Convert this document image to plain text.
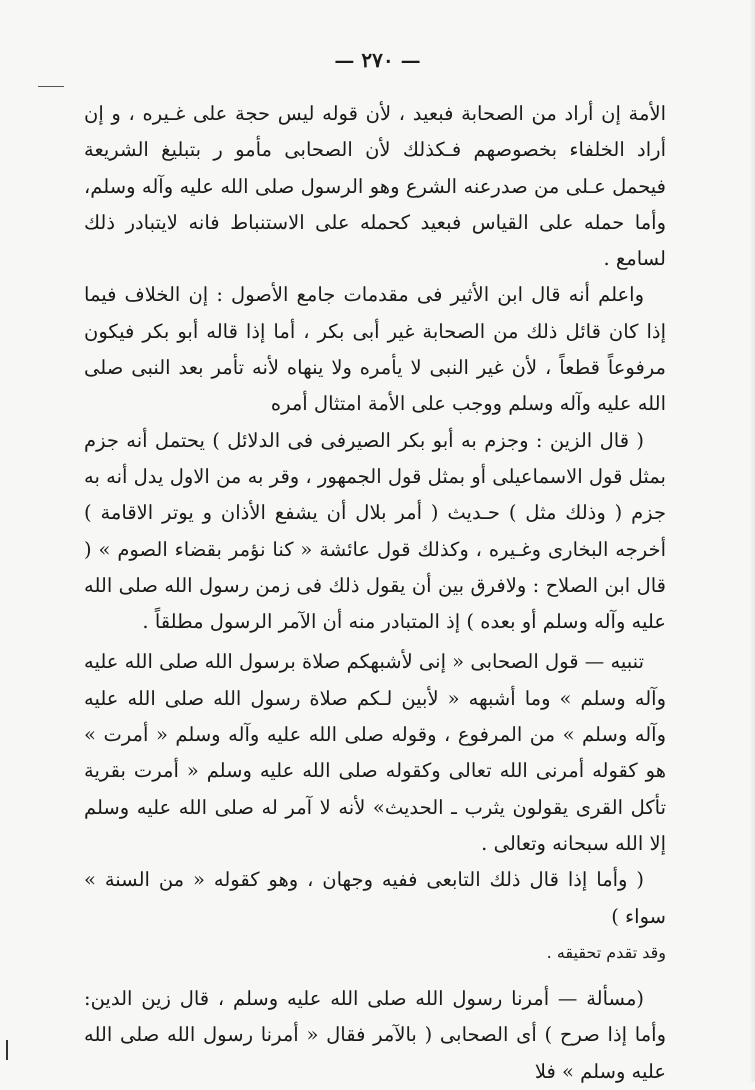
— ٢٧٠ —

الأمة إن أراد من الصحابة فبعيد ، لأن قوله ليس حجة على غـيره ، و إن أراد الخلفاء بخصوصهم فـكذلك لأن الصحابى مأمو ر بتبليغ الشريعة فيحمل عـلى من صدرعنه الشرع وهو الرسول صلى الله عليه وآله وسلم، وأما حمله على القياس فبعيد كحمله على الاستنباط فانه لايتبادر ذلك لسامع .

واعلم أنه قال ابن الأثير فى مقدمات جامع الأصول : إن الخلاف فيما إذا كان قائل ذلك من الصحابة غير أبى بكر ، أما إذا قاله أبو بكر فيكون مرفوعاً قطعاً ، لأن غير النبى لا يأمره ولا ينهاه لأنه تأمر بعد النبى صلى الله عليه وآله وسلم ووجب على الأمة امتثال أمره

( قال الزين : وجزم به أبو بكر الصيرفى فى الدلائل ) يحتمل أنه جزم بمثل قول الاسماعيلى أو بمثل قول الجمهور ، وقر به من الاول يدل أنه به جزم ( وذلك مثل ) حـديث ( أمر بلال أن يشفع الأذان و يوتر الاقامة ) أخرجه البخارى وغـيره ، وكذلك قول عائشة « كنا نؤمر بقضاء الصوم » ( قال ابن الصلاح : ولافرق بين أن يقول ذلك فى زمن رسول الله صلى الله عليه وآله وسلم أو بعده ) إذ المتبادر منه أن الآمر الرسول مطلقاً .

تنبيه — قول الصحابى « إنى لأشبهكم صلاة برسول الله صلى الله عليه وآله وسلم » وما أشبهه « لأبين لـكم صلاة رسول الله صلى الله عليه وآله وسلم » من المرفوع ، وقوله صلى الله عليه وآله وسلم « أمرت » هو كقوله أمرنى الله تعالى وكقوله صلى الله عليه وسلم « أمرت بقرية تأكل القرى يقولون يثرب ـ الحديث» لأنه لا آمر له صلى الله عليه وسلم إلا الله سبحانه وتعالى .

( وأما إذا قال ذلك التابعى ففيه وجهان ، وهو كقوله « من السنة » سواء )

وقد تقدم تحقيقه .

(مسألة — أمرنا رسول الله صلى الله عليه وسلم ، قال زين الدين: وأما إذا صرح ) أى الصحابى ( بالآمر فقال « أمرنا رسول الله صلى الله عليه وسلم » فلا
